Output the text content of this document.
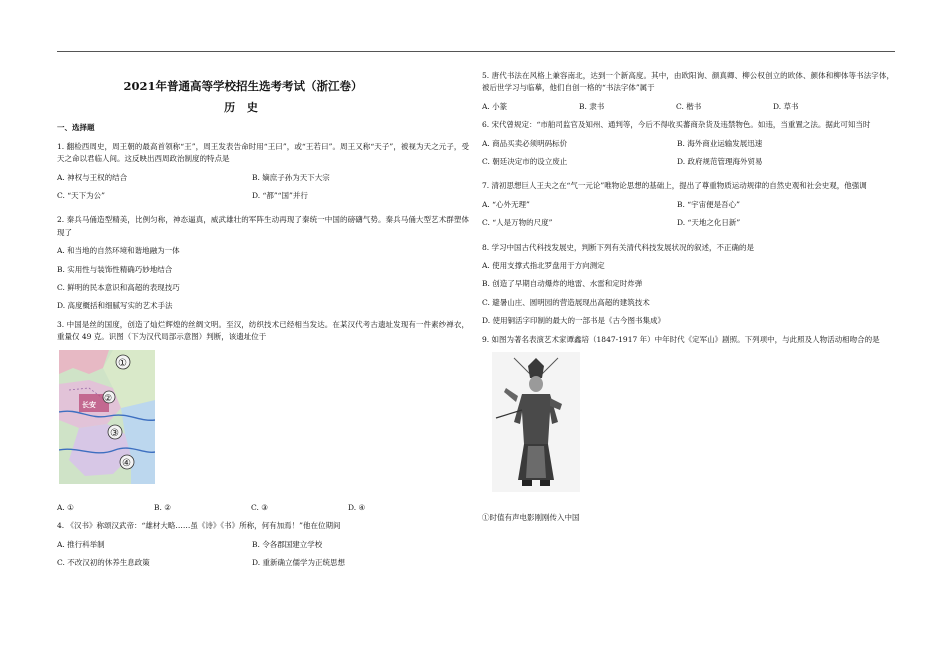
2021年普通高等学校招生选考考试（浙江卷）
历 史
一、选择题
1. 翻检西周史，周王朝的最高首领称“王”，周王发表告命时用“王曰”，或“王若曰”。周王又称“天子”，被视为天之元子，受天之命以君临人间。这反映出西周政治制度的特点是
A. 神权与王权的结合	B. 嫡庶子孙为天下大宗
C. “天下为公”	D. “都”“国”并行
2. 秦兵马俑造型精美，比例匀称，神态逼真，威武雄壮的军阵生动再现了秦统一中国的磅礴气势。秦兵马俑大型艺术群塑体现了
A. 和当地的自然环境和谐地融为一体
B. 实用性与装饰性精确巧妙地结合
C. 鲜明的民本意识和高超的表现技巧
D. 高度概括和细腻写实的艺术手法
3. 中国是丝的国度，创造了灿烂辉煌的丝绸文明。至汉，纺织技术已经相当发达。在某汉代考古遗址发现有一件素纱禅衣，重量仅 49 克。识图（下为汉代局部示意图）判断，该遗址位于
长安
①
②
③
④
A. ①	B. ②	C. ③	D. ④
4. 《汉书》称颂汉武帝：“雄材大略……虽《诗》《书》所称，何有加焉！”他在位期间
A. 推行科举制	B. 令各郡国建立学校
C. 不改汉初的休养生息政策	D. 重新确立儒学为正统思想
5. 唐代书法在风格上兼容南北，达到一个新高度。其中，由欧阳询、颜真卿、柳公权创立的欧体、颜体和柳体等书法字体，被后世学习与临摹，他们自创一格的“书法字体”属于
A. 小篆	B. 隶书	C. 楷书	D. 草书
6. 宋代曾规定：“市舶司监官及知州、通判等，今后不得收买蕃商杂货及违禁物色。如违，当重置之法。据此可知当时
A. 商品买卖必须明码标价	B. 海外商业运输发展迅速
C. 朝廷决定市的设立废止	D. 政府规范管理海外贸易
7. 清初思想巨人王夫之在“气一元论”唯物论思想的基础上，提出了尊重物质运动规律的自然史观和社会史观，他强调
A. “心外无理”	B. “宇宙便是吾心”
C. “人是万物的尺度”	D. “天地之化日新”
8. 学习中国古代科技发展史，判断下列有关清代科技发展状况的叙述，不正确的是
A. 使用支撑式指北罗盘用于方向测定
B. 创造了早期自动爆炸的地雷、水雷和定时炸弹
C. 避暑山庄、圆明园的营造展现出高超的建筑技术
D. 使用铜活字印制的最大的一部书是《古今图书集成》
9. 如图为著名表演艺术家谭鑫培（1847-1917 年）中年时代《定军山》剧照。下列项中，与此照及人物活动相吻合的是
①时值有声电影刚刚传入中国
